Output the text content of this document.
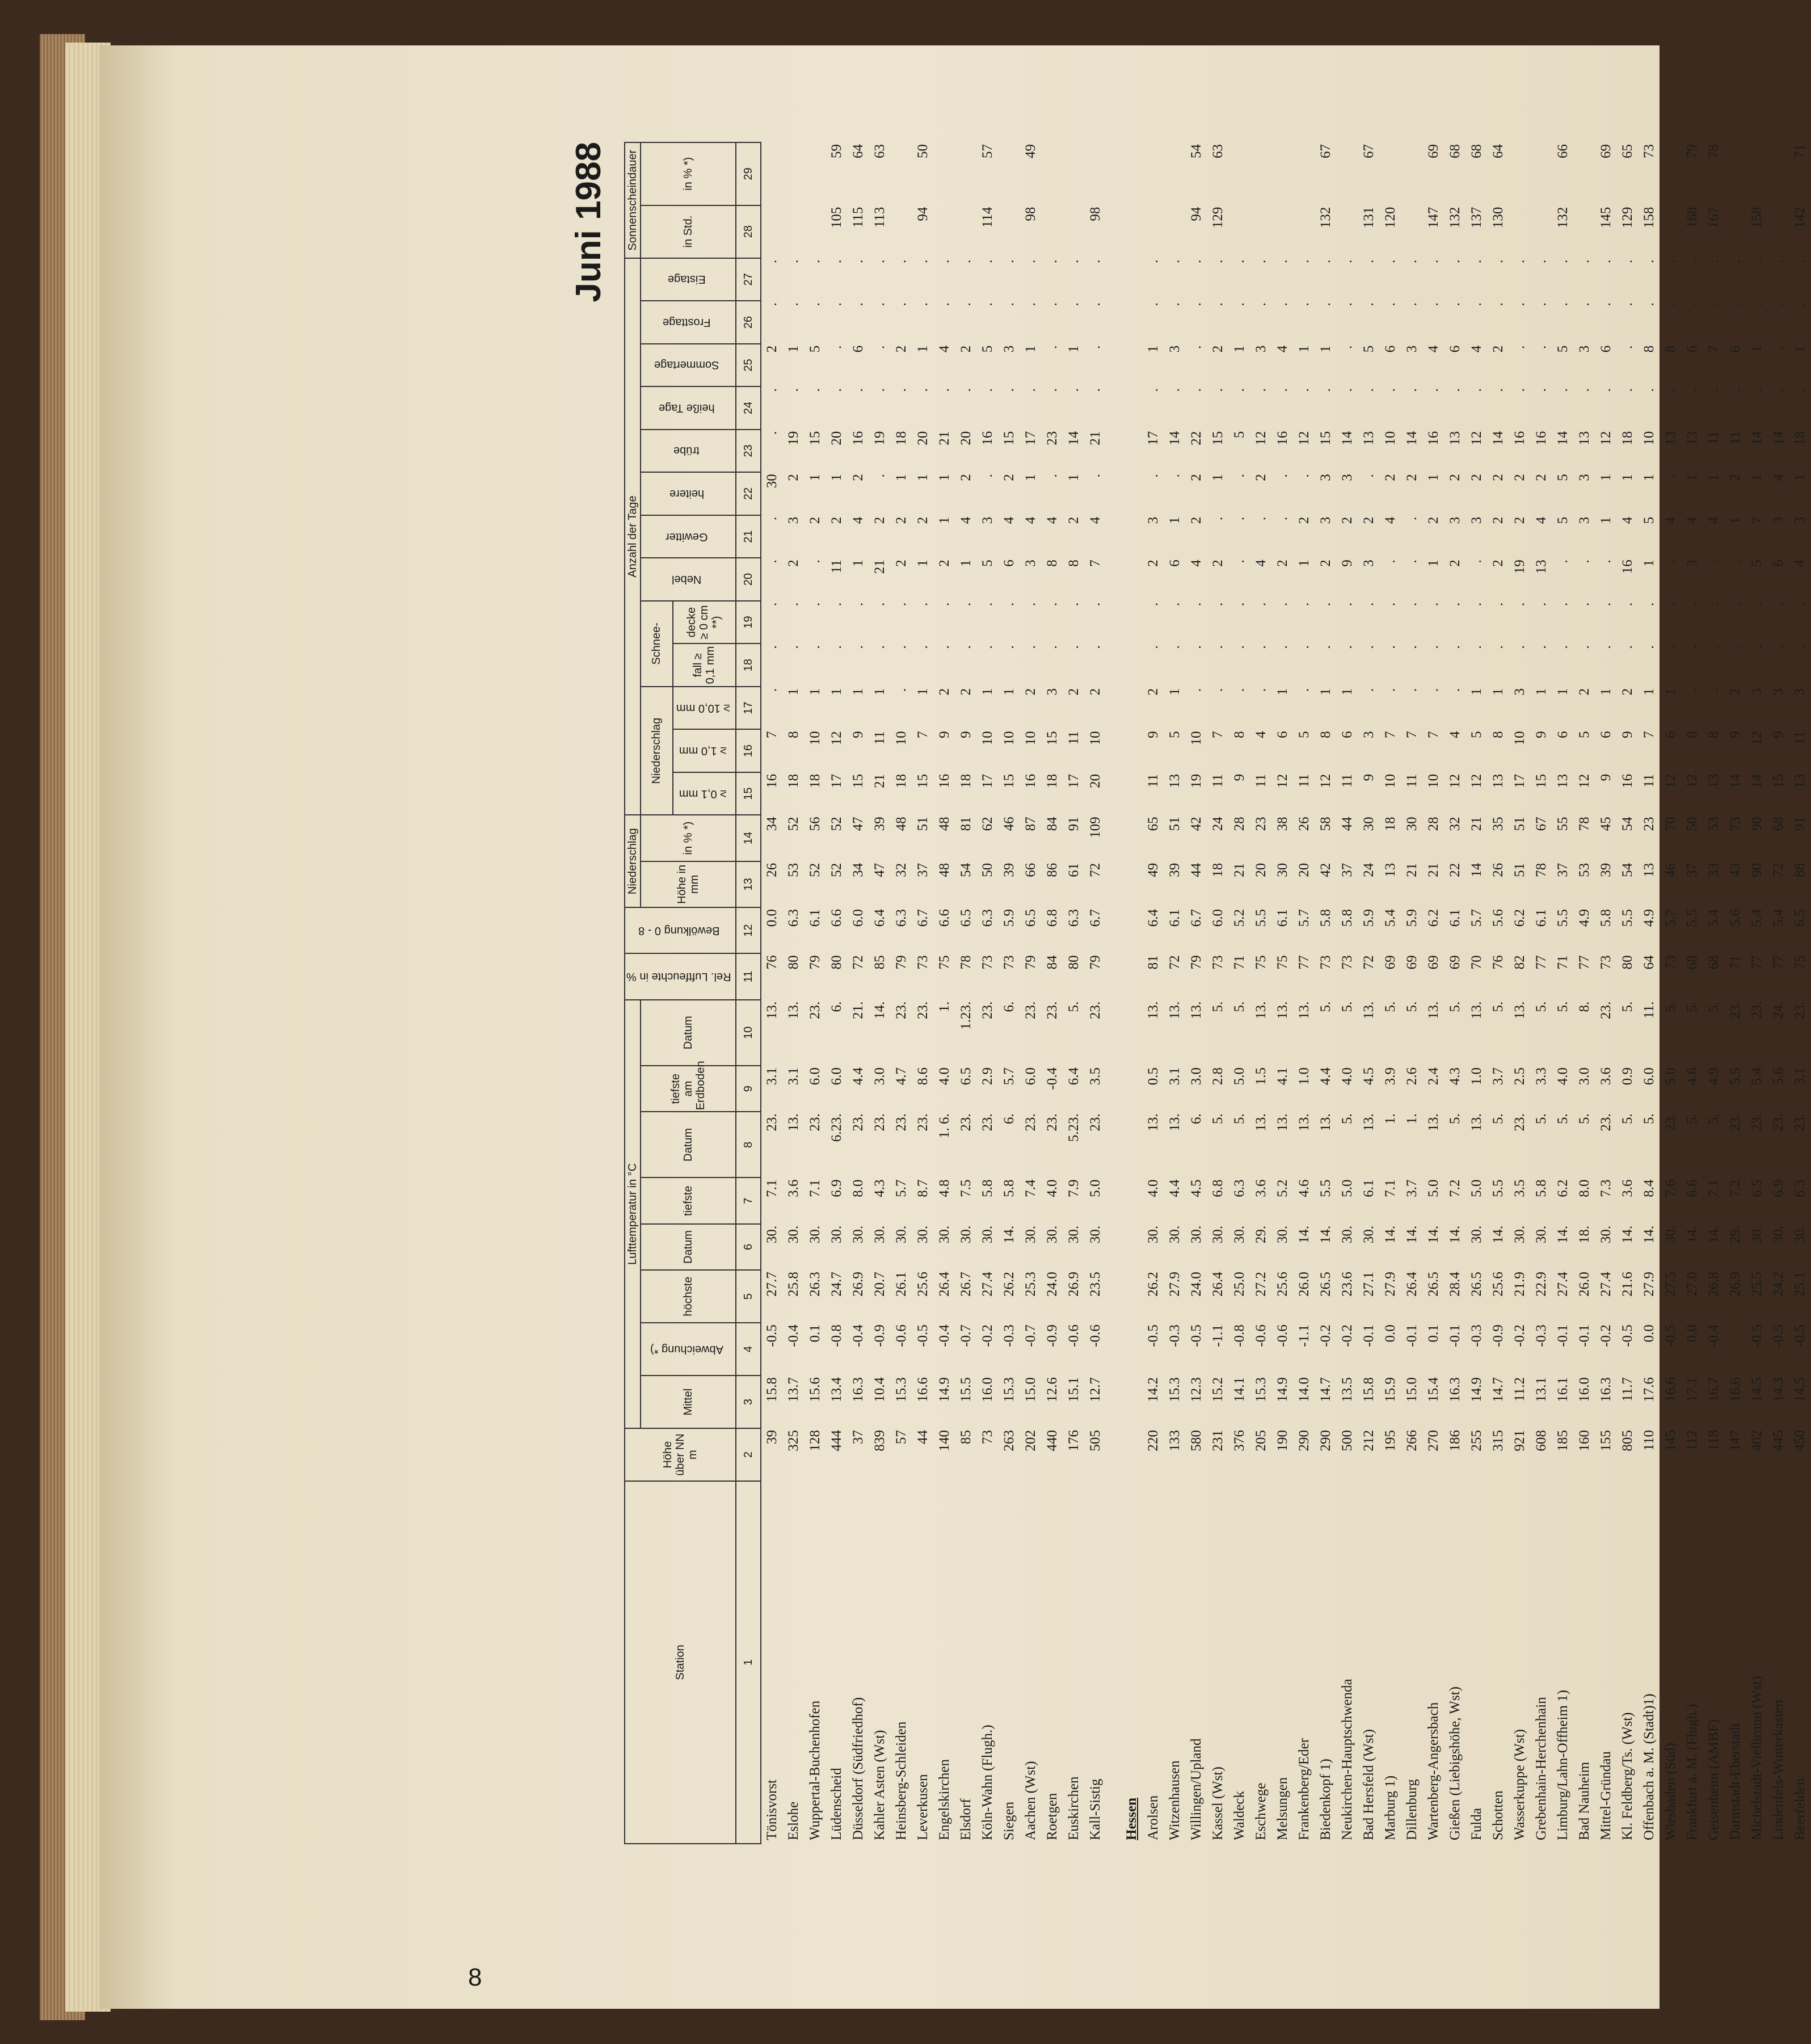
8
Juni 1988
Station	Höhe über NN m	Lufttemperatur in °C								Rel. Luftfeuchte in %	Bewölkung 0 - 8	Niederschlag		Anzahl der Tage													Sonnenscheindauer	
		Mittel	Abweichung *)	höchste	Datum	tiefste	Datum	tiefste am Erdboden	Datum			Höhe in mm	in % *)	Niederschlag			Schnee-		Nebel	Gewitter	heitere	trübe	heiße Tage	Sommertage	Frosttage	Eistage	in Std.	in % *)
														≥ 0,1 mm	≥ 1,0 mm	≥ 10,0 mm	fall ≥ 0,1 mm	decke ≥ 0 cm **)										
1	2	3	4	5	6	7	8	9	10	11	12	13	14	15	16	17	18	19	20	21	22	23	24	25	26	27	28	29
Tönisvorst	39	15.8	-0.5	27.7	30.	7.1	23.	3.1	13.	76	0.0	26	34	16	7	.	.	.	.	.	30	.	.	2	.	.		
Eslohe	325	13.7	-0.4	25.8	30.	3.6	13.	3.1	13.	80	6.3	53	52	18	8	1	.	.	2	3	2	19	.	1	.	.		
Wuppertal-Buchenhofen	128	15.6	0.1	26.3	30.	7.1	23.	6.0	23.	79	6.1	52	56	18	10	1	.	.	.	2	1	15	.	5	.	.		
Lüdenscheid	444	13.4	-0.8	24.7	30.	6.9	6.23.	6.0	6.	80	6.6	52	52	17	12	1	.	.	11	2	1	20	.	.	.	.	105	59
Düsseldorf (Südfriedhof)	37	16.3	-0.4	26.9	30.	8.0	23.	4.4	21.	72	6.0	34	47	15	9	1	.	.	1	4	2	16	.	6	.	.	115	64
Kahler Asten (Wst)	839	10.4	-0.9	20.7	30.	4.3	23.	3.0	14.	85	6.4	47	39	21	11	1	.	.	21	2	.	19	.	.	.	.	113	63
Heinsberg-Schleiden	57	15.3	-0.6	26.1	30.	5.7	23.	4.7	23.	79	6.3	32	48	18	10	.	.	.	2	2	1	18	.	2	.	.		
Leverkusen	44	16.6	-0.5	25.6	30.	8.7	23.	8.6	23.	73	6.7	37	51	15	7	1	.	.	1	2	1	20	.	1	.	.	94	50
Engelskirchen	140	14.9	-0.4	26.4	30.	4.8	1. 6.	4.0	1.	75	6.6	48	48	16	9	2	.	.	2	1	1	21	.	4	.	.		
Elsdorf	85	15.5	-0.7	26.7	30.	7.5	23.	6.5	1.23.	78	6.5	54	81	18	9	2	.	.	1	4	2	20	.	2	.	.		
Köln-Wahn (Flugh.)	73	16.0	-0.2	27.4	30.	5.8	23.	2.9	23.	73	6.3	50	62	17	10	1	.	.	5	3	.	16	.	5	.	.	114	57
Siegen	263	15.3	-0.3	26.2	14.	5.8	6.	5.7	6.	73	5.9	39	46	15	10	1	.	.	6	4	2	15	.	3	.	.		
Aachen (Wst)	202	15.0	-0.7	25.3	30.	7.4	23.	6.0	23.	79	6.5	66	87	16	10	2	.	.	3	4	1	17	.	1	.	.	98	49
Roetgen	440	12.6	-0.9	24.0	30.	4.0	23.	-0.4	23.	84	6.8	86	84	18	15	3	.	.	8	4	.	23	.	.	.	.		
Euskirchen	176	15.1	-0.6	26.9	30.	7.9	5.23.	6.4	5.	80	6.3	61	91	17	11	2	.	.	8	2	1	14	.	1	.	.		
Kall-Sistig	505	12.7	-0.6	23.5	30.	5.0	23.	3.5	23.	79	6.7	72	109	20	10	2	.	.	7	4	.	21	.	.	.	.	98	
Hessen																												
Arolsen	220	14.2	-0.5	26.2	30.	4.0	13.	0.5	13.	81	6.4	49	65	11	9	2	.	.	2	3	.	17	.	1	.	.		
Witzenhausen	133	15.3	-0.3	27.9	30.	4.4	13.	3.1	13.	72	6.1	39	51	13	5	1	.	.	6	1	.	14	.	3	.	.		
Willingen/Upland	580	12.3	-0.5	24.0	30.	4.5	6.	3.0	13.	79	6.7	44	42	19	10	.	.	.	4	2	2	22	.	.	.	.	94	54
Kassel (Wst)	231	15.2	-1.1	26.4	30.	6.8	5.	2.8	5.	73	6.0	18	24	11	7	.	.	.	2	.	1	15	.	2	.	.	129	63
Waldeck	376	14.1	-0.8	25.0	30.	6.3	5.	5.0	5.	71	5.2	21	28	9	8	.	.	.	.	.	.	5	.	1	.	.		
Eschwege	205	15.3	-0.6	27.2	29.	3.6	13.	1.5	13.	75	5.5	20	23	11	4	.	.	.	4	.	2	12	.	3	.	.		
Melsungen	190	14.9	-0.6	25.6	30.	5.2	13.	4.1	13.	75	6.1	30	38	12	6	1	.	.	2	.	.	16	.	4	.	.		
Frankenberg/Eder	290	14.0	-1.1	26.0	14.	4.6	13.	1.0	13.	77	5.7	20	26	11	5	.	.	.	1	2	.	12	.	1	.	.		
Biedenkopf 1)	290	14.7	-0.2	26.5	14.	5.5	13.	4.4	5.	73	5.8	42	58	12	8	1	.	.	2	3	3	15	.	1	.	.	132	67
Neukirchen-Hauptschwenda	500	13.5	-0.2	23.6	30.	5.0	5.	4.0	5.	73	5.8	37	44	11	6	1	.	.	9	2	3	14	.	.	.	.		
Bad Hersfeld (Wst)	212	15.8	-0.1	27.1	30.	6.1	13.	4.5	13.	72	5.9	24	30	9	3	.	.	.	3	2	.	13	.	5	.	.	131	67
Marburg 1)	195	15.9	0.0	27.9	14.	7.1	1.	3.9	5.	69	5.4	13	18	10	7	.	.	.	.	4	2	10	.	6	.	.	120	
Dillenburg	266	15.0	-0.1	26.4	14.	3.7	1.	2.6	5.	69	5.9	21	30	11	7	.	.	.	.	.	2	14	.	3	.	.		
Wartenberg-Angersbach	270	15.4	0.1	26.5	14.	5.0	13.	2.4	13.	69	6.2	21	28	10	7	.	.	.	1	2	1	16	.	4	.	.	147	69
Gießen (Liebigshöhe, Wst)	186	16.3	-0.1	28.4	14.	7.2	5.	4.3	5.	69	6.1	22	32	12	4	.	.	.	2	3	2	13	.	6	.	.	132	68
Fulda	255	14.9	-0.3	26.5	30.	5.0	13.	1.0	13.	70	5.7	14	21	12	5	1	.	.	.	3	2	12	.	4	.	.	137	68
Schotten	315	14.7	-0.9	25.6	14.	5.5	5.	3.7	5.	76	5.6	26	35	13	8	1	.	.	2	2	2	14	.	2	.	.	130	64
Wasserkuppe (Wst)	921	11.2	-0.2	21.9	30.	3.5	23.	2.5	13.	82	6.2	51	51	17	10	3	.	.	19	2	2	16	.	.	.	.		
Grebenhain-Herchenhain	608	13.1	-0.3	22.9	30.	5.8	5.	3.3	5.	77	6.1	78	67	15	9	1	.	.	13	4	2	16	.	.	.	.		
Limburg/Lahn-Offheim 1)	185	16.1	-0.1	27.4	14.	6.2	5.	4.0	5.	71	5.5	37	55	13	6	1	.	.	.	5	5	14	.	5	.	.	132	66
Bad Nauheim	160	16.0	-0.1	26.0	18.	8.0	5.	3.0	8.	77	4.9	53	78	12	5	2	.	.	.	3	3	13	.	3	.	.		
Mittel-Gründau	155	16.3	-0.2	27.4	30.	7.3	23.	3.6	23.	73	5.8	39	45	9	6	1	.	.	.	1	1	12	.	6	.	.	145	69
Kl. Feldberg/Ts. (Wst)	805	11.7	-0.5	21.6	14.	3.6	5.	0.9	5.	80	5.5	54	54	16	9	2	.	.	16	4	1	18	.	.	.	.	129	65
Offenbach a. M. (Stadt)1)	110	17.6	0.0	27.9	14.	8.4	5.	6.0	11.	64	4.9	13	23	11	7	1	.	.	1	5	1	10	.	8	.	.	158	73
Wiesbaden (Süd)	145	16.6	-0.5	27.5	30.	7.6	23.	5.0	5.	73	5.7	46	70	12	6	1	.	.	.	4	.	13	.	8	.	.		
Frankfurt a. M. (Flugh.)	112	17.1	0.0	27.0	14.	6.6	5.	4.6	5.	68	5.5	37	50	12	8	.	.	.	3	4	1	13	.	6	.	.	168	79
Geisenheim (AMBF)	118	16.7	-0.4	26.8	14.	7.1	5.	4.9	5.	68	5.4	33	53	13	8	.	.	.	.	4	1	11	.	7	.	.	167	78
Darmstadt-Eberstadt	147	16.6		26.9	29.	7.2	23.	5.5	23.	71	5.6	43	73	14	9	2	.	.	.	1	2	11	.	6	.	.		
Michelstadt-Vielbrunn (Wst)	402	14.5	-0.5	25.5	30.	6.5	23.	5.4	23.	77	5.4	90	90	14	12	3	.	.	5	7	1	14	.	1	.	.	158	
Lindenfels-Winterkasten	445	14.3	-0.5	24.2	30.	6.9	23.	5.6	24.	77	5.4	72	68	15	9	3	.	.	6	3	4	14	.	.	.	.		
Beerfelden	450	14.5	-0.5	25.1	30.	6.3	23.	3.1	23.	75	6.5	88	91	13	11	3	.	.	4	3	1	18	.	1	.	.	142	71
